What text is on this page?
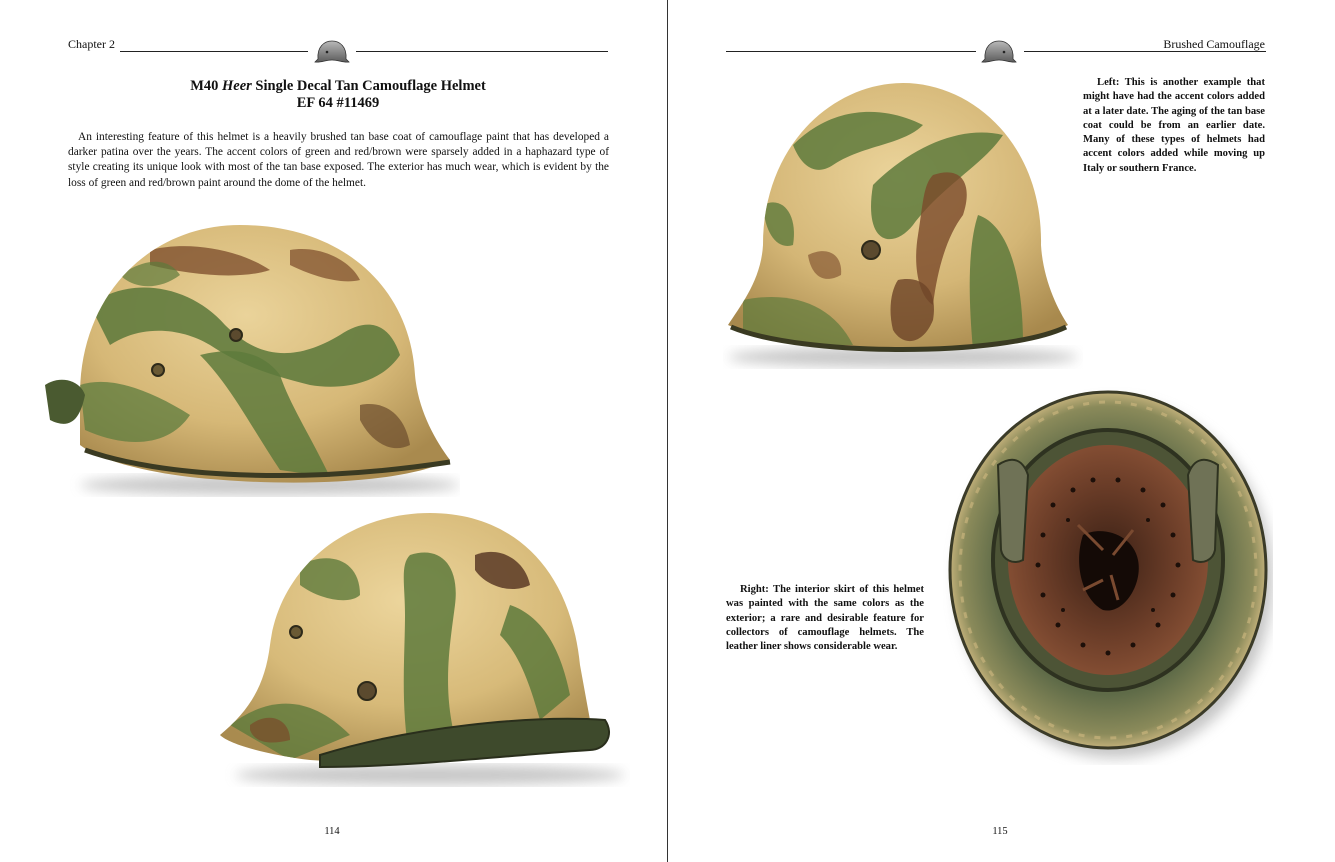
Chapter 2
M40 Heer Single Decal Tan Camouflage Helmet
EF 64 #11469

An interesting feature of this helmet is a heavily brushed tan base coat of camouflage paint that has developed a darker patina over the years. The accent colors of green and red/brown were sparsely added in a haphazard type of style creating its unique look with most of the tan base exposed. The exterior has much wear, which is evident by the loss of green and red/brown paint around the dome of the helmet.

114
Brushed Camouflage

Left: This is another example that might have had the accent colors added at a later date. The aging of the tan base coat could be from an earlier date. Many of these types of helmets had accent colors added while moving up Italy or southern France.

Right: The interior skirt of this helmet was painted with the same colors as the exterior; a rare and desirable feature for collectors of camouflage helmets. The leather liner shows considerable wear.

115
